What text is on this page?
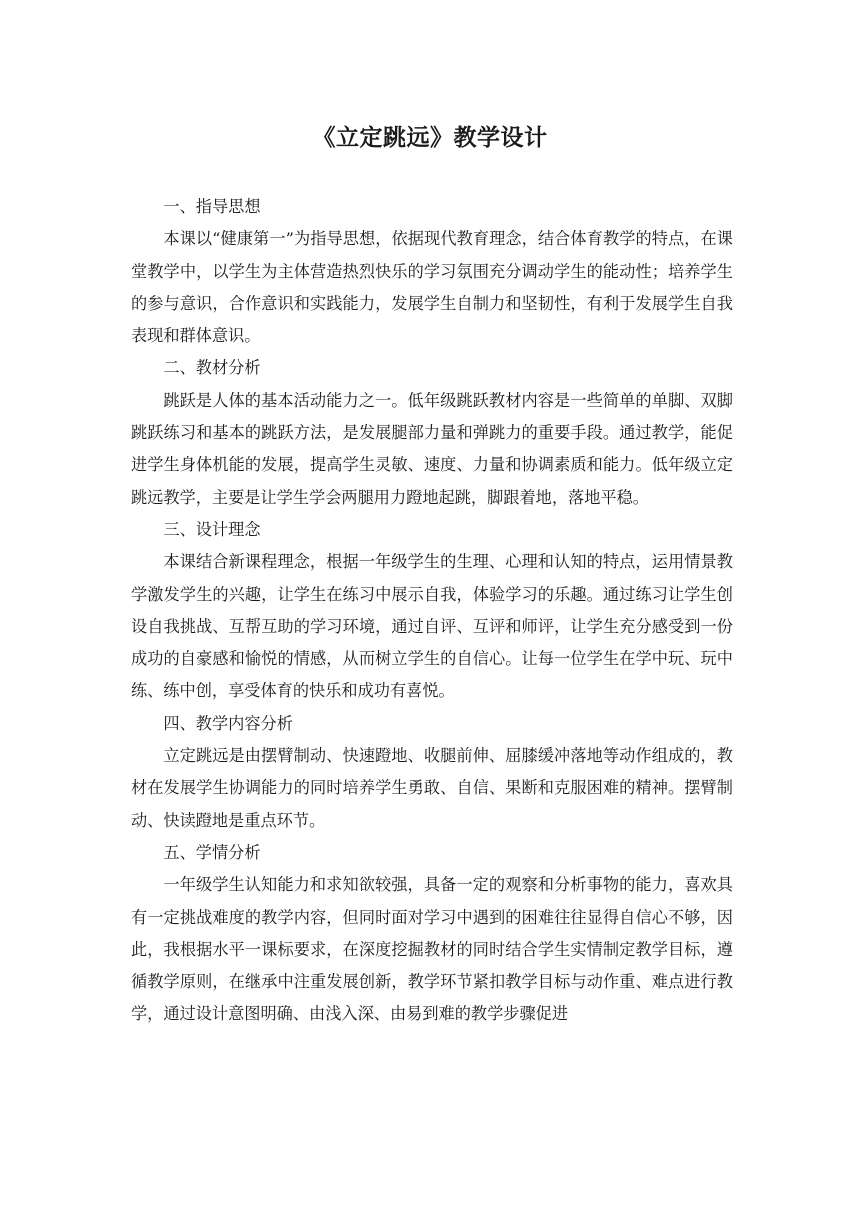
《立定跳远》教学设计
一、指导思想

本课以“健康第一”为指导思想，依据现代教育理念，结合体育教学的特点，在课堂教学中，以学生为主体营造热烈快乐的学习氛围充分调动学生的能动性；培养学生的参与意识，合作意识和实践能力，发展学生自制力和坚韧性，有利于发展学生自我表现和群体意识。

二、教材分析

跳跃是人体的基本活动能力之一。低年级跳跃教材内容是一些简单的单脚、双脚跳跃练习和基本的跳跃方法，是发展腿部力量和弹跳力的重要手段。通过教学，能促进学生身体机能的发展，提高学生灵敏、速度、力量和协调素质和能力。低年级立定跳远教学，主要是让学生学会两腿用力蹬地起跳，脚跟着地，落地平稳。

三、设计理念

本课结合新课程理念，根据一年级学生的生理、心理和认知的特点，运用情景教学激发学生的兴趣，让学生在练习中展示自我，体验学习的乐趣。通过练习让学生创设自我挑战、互帮互助的学习环境，通过自评、互评和师评，让学生充分感受到一份成功的自豪感和愉悦的情感，从而树立学生的自信心。让每一位学生在学中玩、玩中练、练中创，享受体育的快乐和成功有喜悦。

四、教学内容分析

立定跳远是由摆臂制动、快速蹬地、收腿前伸、屈膝缓冲落地等动作组成的，教材在发展学生协调能力的同时培养学生勇敢、自信、果断和克服困难的精神。摆臂制动、快读蹬地是重点环节。

五、学情分析

一年级学生认知能力和求知欲较强，具备一定的观察和分析事物的能力，喜欢具有一定挑战难度的教学内容，但同时面对学习中遇到的困难往往显得自信心不够，因此，我根据水平一课标要求，在深度挖掘教材的同时结合学生实情制定教学目标，遵循教学原则，在继承中注重发展创新，教学环节紧扣教学目标与动作重、难点进行教学，通过设计意图明确、由浅入深、由易到难的教学步骤促进
